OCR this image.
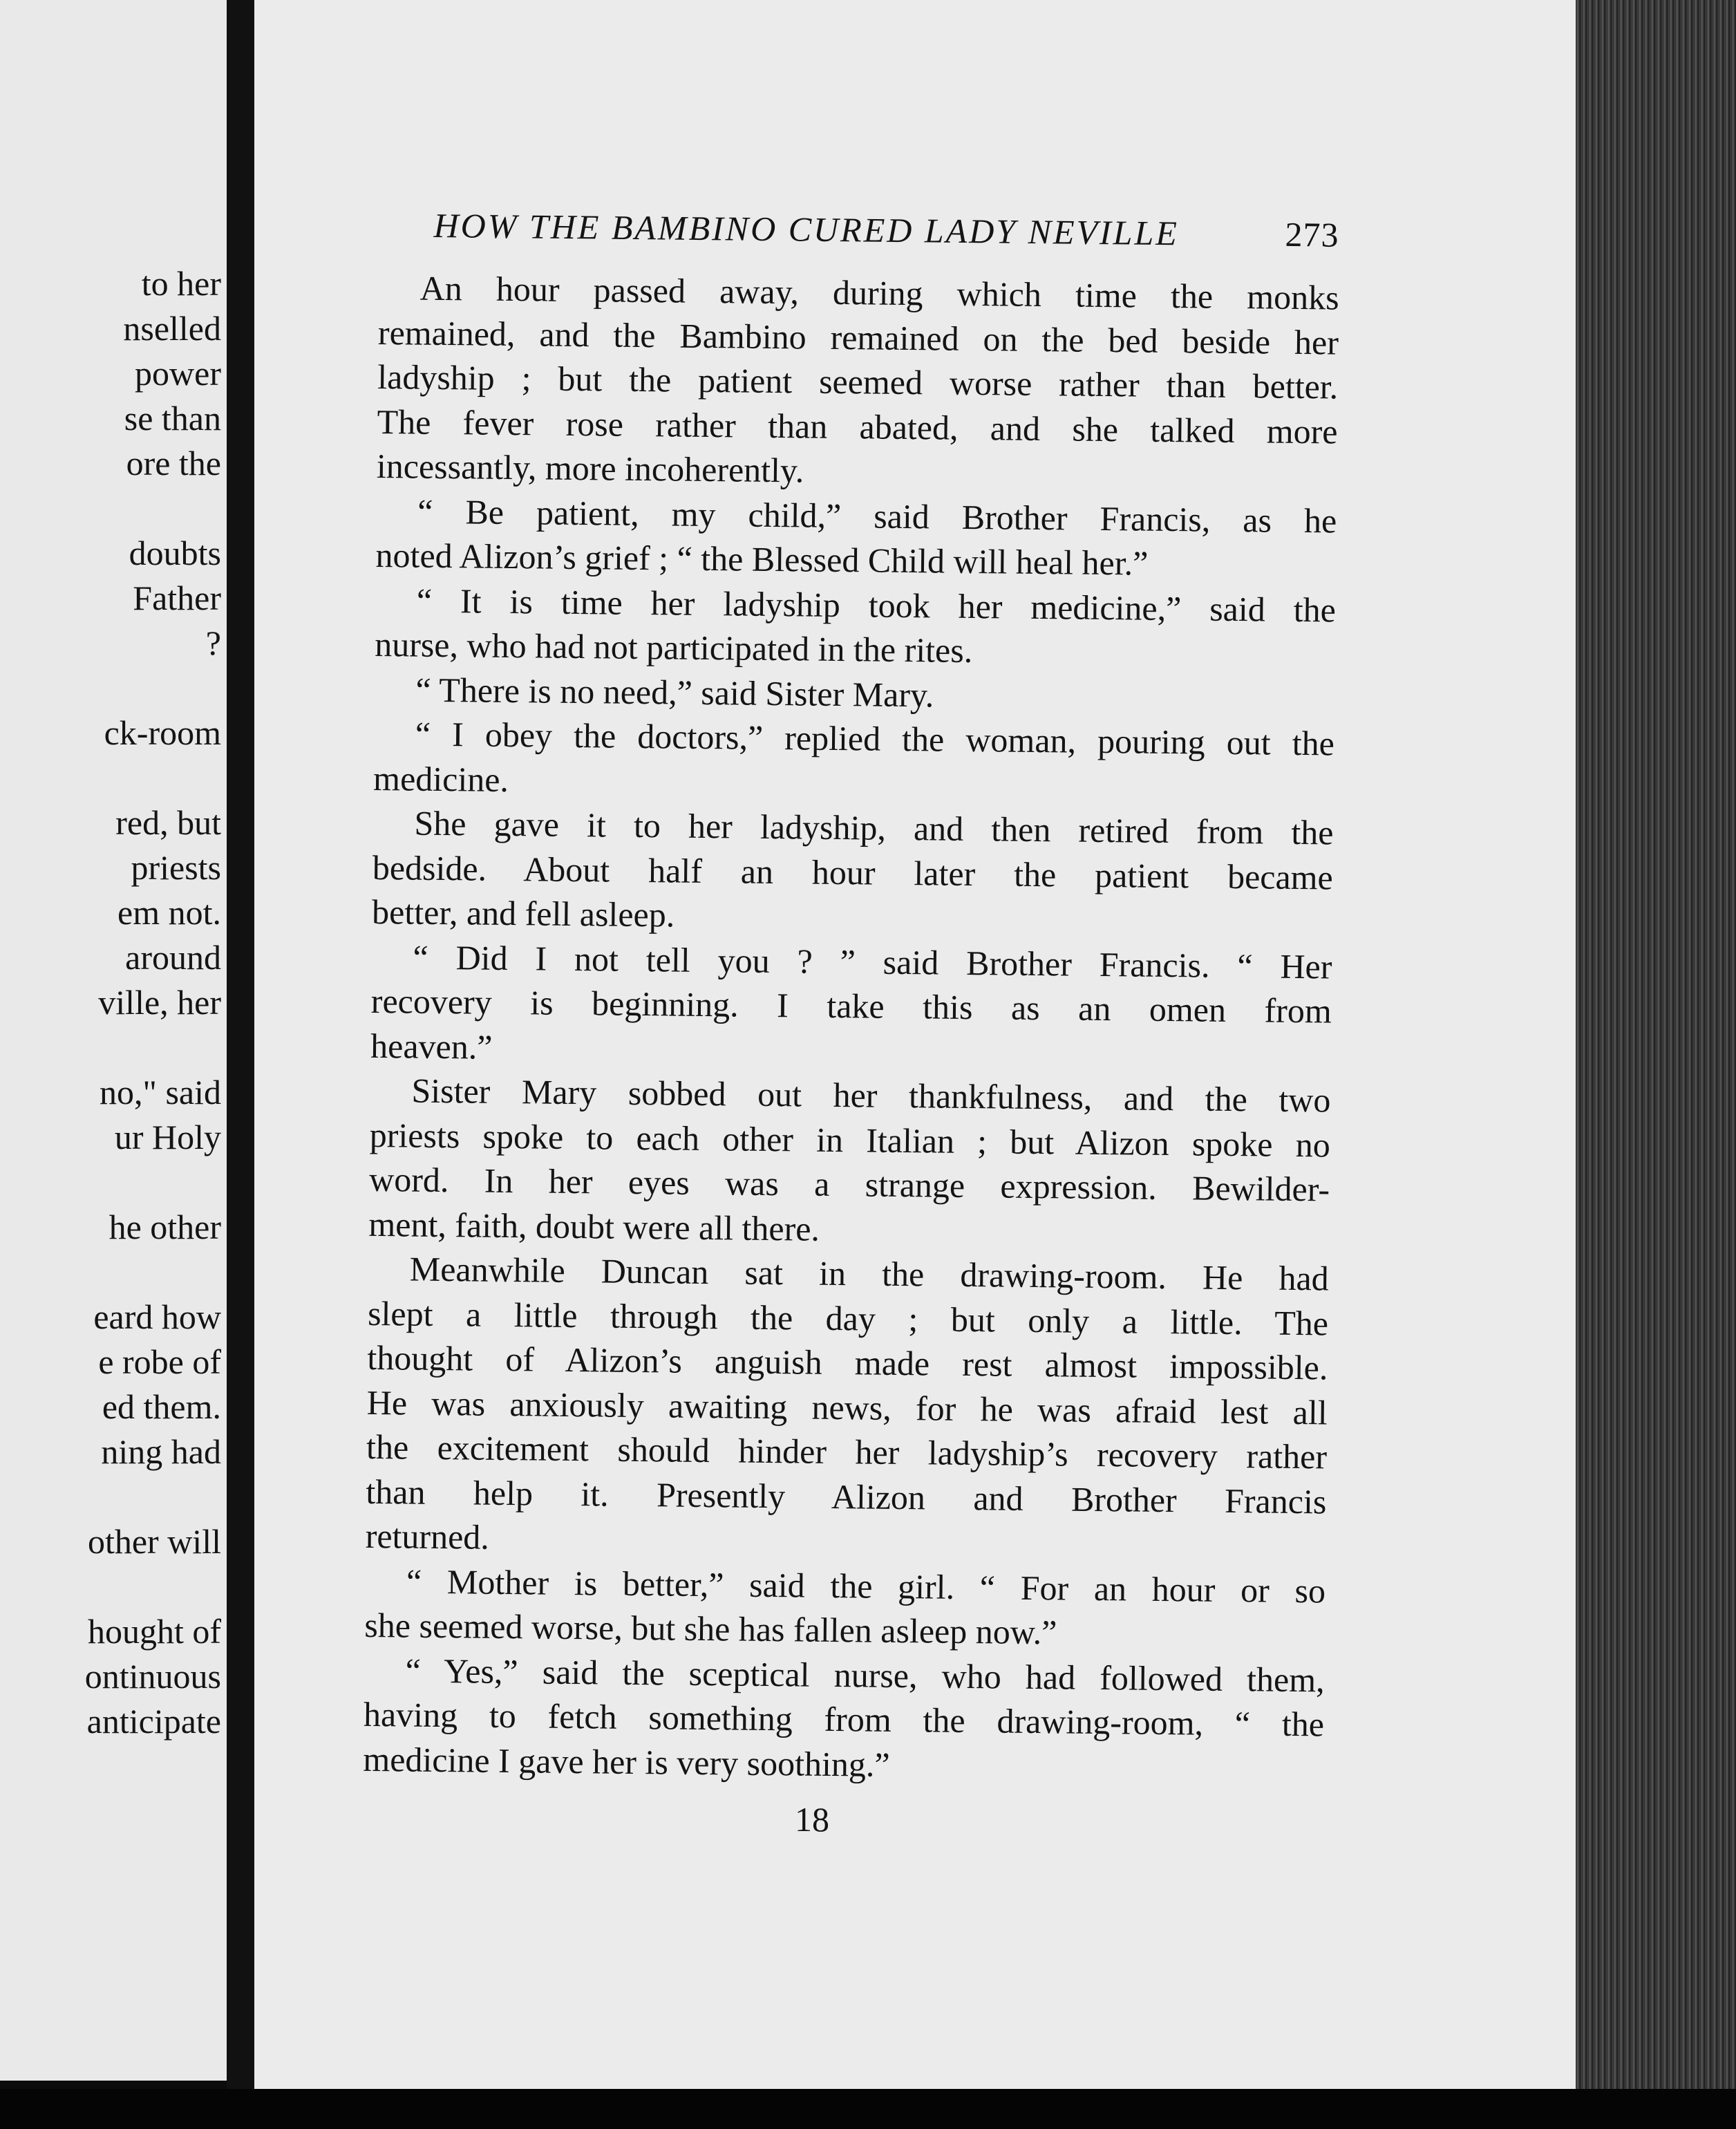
to her
nselled
power
se than
ore the
doubts
Father
?
ck-room
red, but
priests
em not.
around
ville, her
no," said
ur Holy
he other
eard how
e robe of
ed them.
ning had
other will
hought of
ontinuous
anticipate
HOW THE BAMBINO CURED LADY NEVILLE	273
An hour passed away, during which time the monks
remained, and the Bambino remained on the bed beside her
ladyship ; but the patient seemed worse rather than better.
The fever rose rather than abated, and she talked more
incessantly, more incoherently.
“ Be patient, my child,” said Brother Francis, as he
noted Alizon’s grief ; “ the Blessed Child will heal her.”
“ It is time her ladyship took her medicine,” said the
nurse, who had not participated in the rites.
“ There is no need,” said Sister Mary.
“ I obey the doctors,” replied the woman, pouring out the
medicine.
She gave it to her ladyship, and then retired from the
bedside. About half an hour later the patient became
better, and fell asleep.
“ Did I not tell you ? ” said Brother Francis. “ Her
recovery is beginning. I take this as an omen from
heaven.”
Sister Mary sobbed out her thankfulness, and the two
priests spoke to each other in Italian ; but Alizon spoke no
word. In her eyes was a strange expression. Bewilder-
ment, faith, doubt were all there.
Meanwhile Duncan sat in the drawing-room. He had
slept a little through the day ; but only a little. The
thought of Alizon’s anguish made rest almost impossible.
He was anxiously awaiting news, for he was afraid lest all
the excitement should hinder her ladyship’s recovery rather
than help it. Presently Alizon and Brother Francis
returned.
“ Mother is better,” said the girl. “ For an hour or so
she seemed worse, but she has fallen asleep now.”
“ Yes,” said the sceptical nurse, who had followed them,
having to fetch something from the drawing-room, “ the
medicine I gave her is very soothing.”
18
